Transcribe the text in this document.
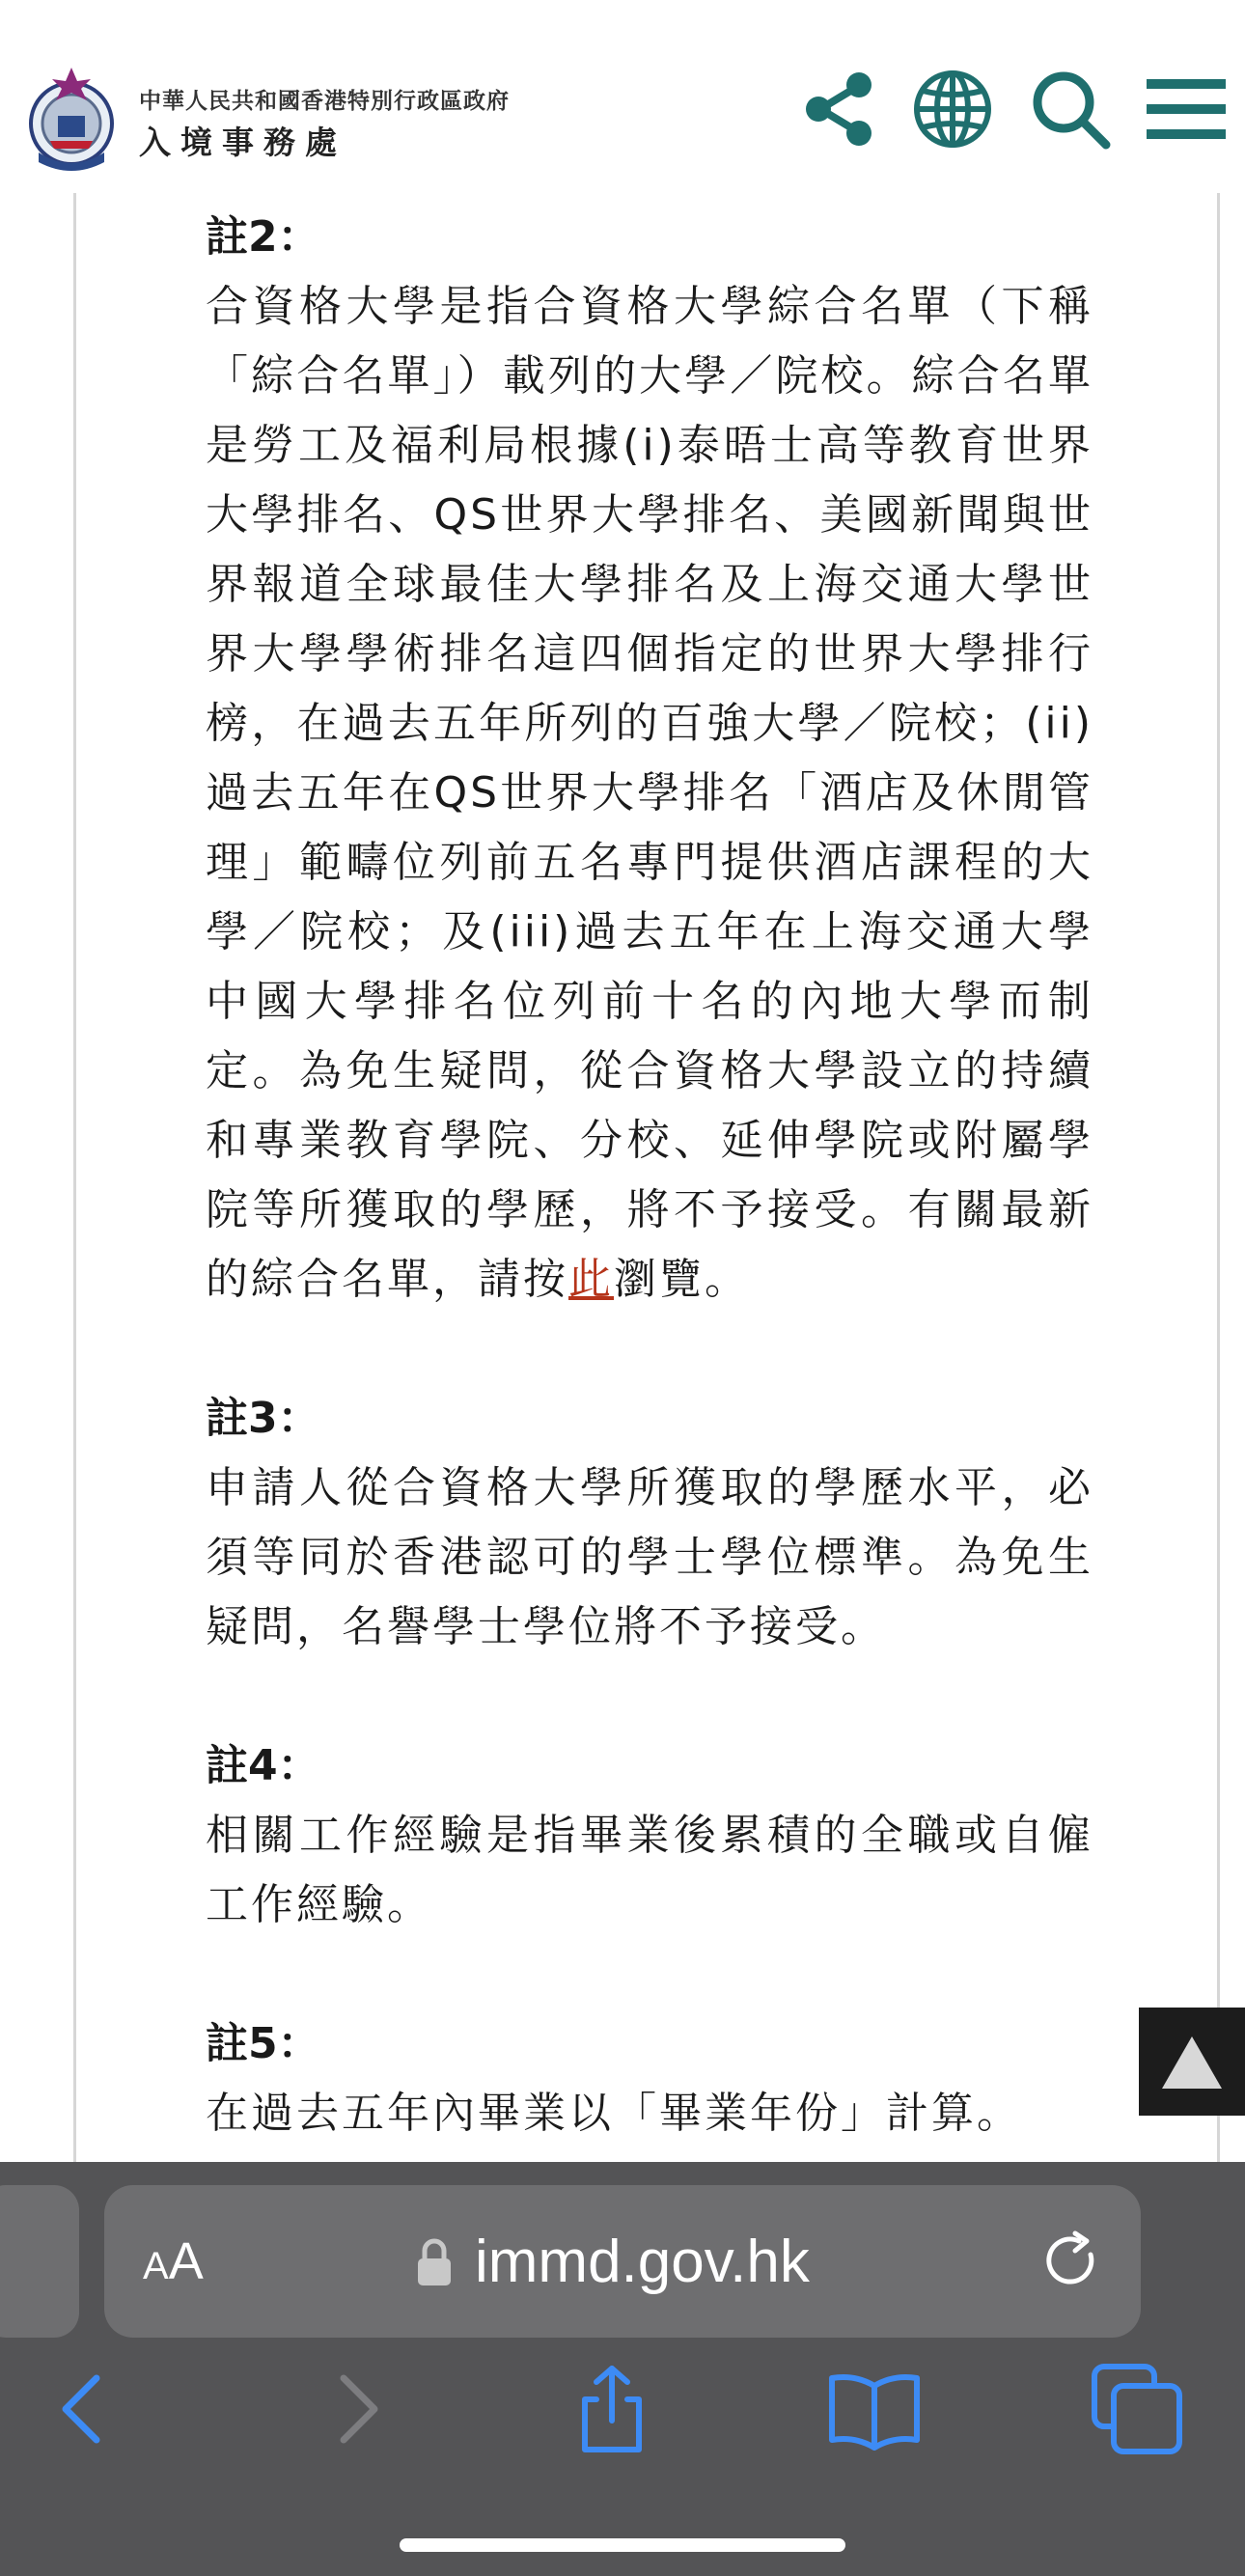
中華人民共和國香港特別行政區政府
入境事務處
註2：
合資格大學是指合資格大學綜合名單（下稱「綜合名單」）載列的大學／院校。綜合名單是勞工及福利局根據(i)泰晤士高等教育世界大學排名、QS世界大學排名、美國新聞與世界報道全球最佳大學排名及上海交通大學世界大學學術排名這四個指定的世界大學排行榜，在過去五年所列的百強大學／院校；(ii)過去五年在QS世界大學排名「酒店及休閒管理」範疇位列前五名專門提供酒店課程的大學／院校；及(iii)過去五年在上海交通大學中國大學排名位列前十名的內地大學而制定。為免生疑問，從合資格大學設立的持續和專業教育學院、分校、延伸學院或附屬學院等所獲取的學歷，將不予接受。有關最新的綜合名單，請按此瀏覽。
註3：
申請人從合資格大學所獲取的學歷水平，必須等同於香港認可的學士學位標準。為免生疑問，名譽學士學位將不予接受。
註4：
相關工作經驗是指畢業後累積的全職或自僱工作經驗。
註5：
在過去五年內畢業以「畢業年份」計算。
AA	immd.gov.hk
